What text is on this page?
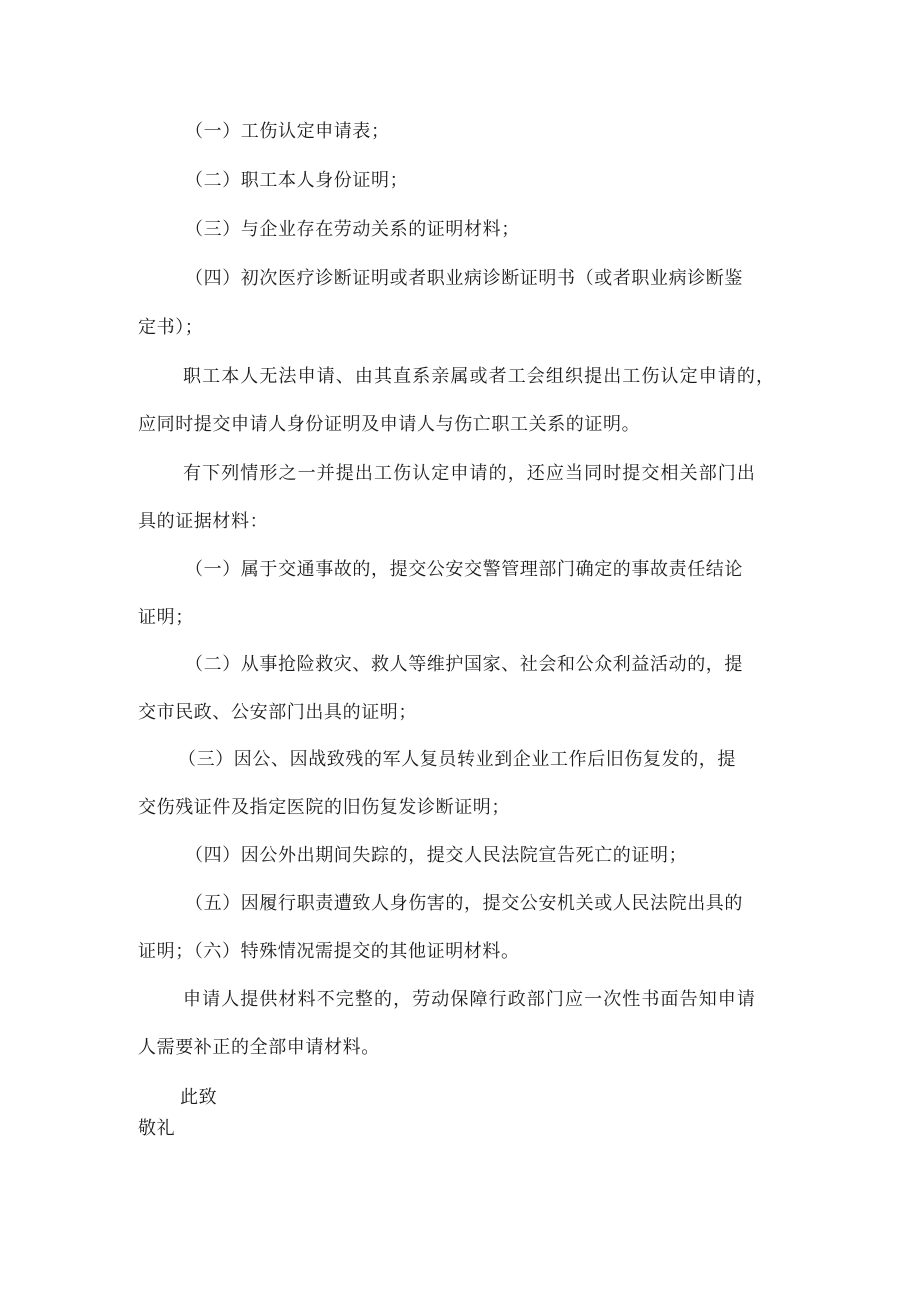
（一）工伤认定申请表；
（二）职工本人身份证明；
（三）与企业存在劳动关系的证明材料；
（四）初次医疗诊断证明或者职业病诊断证明书（或者职业病诊断鉴
定书）；
职工本人无法申请、由其直系亲属或者工会组织提出工伤认定申请的，
应同时提交申请人身份证明及申请人与伤亡职工关系的证明。
有下列情形之一并提出工伤认定申请的，还应当同时提交相关部门出
具的证据材料：
（一）属于交通事故的，提交公安交警管理部门确定的事故责任结论
证明；
（二）从事抢险救灾、救人等维护国家、社会和公众利益活动的，提
交市民政、公安部门出具的证明；
（三）因公、因战致残的军人复员转业到企业工作后旧伤复发的，提
交伤残证件及指定医院的旧伤复发诊断证明；
（四）因公外出期间失踪的，提交人民法院宣告死亡的证明；
（五）因履行职责遭致人身伤害的，提交公安机关或人民法院出具的
证明；（六）特殊情况需提交的其他证明材料。
申请人提供材料不完整的，劳动保障行政部门应一次性书面告知申请
人需要补正的全部申请材料。
此致
敬礼
